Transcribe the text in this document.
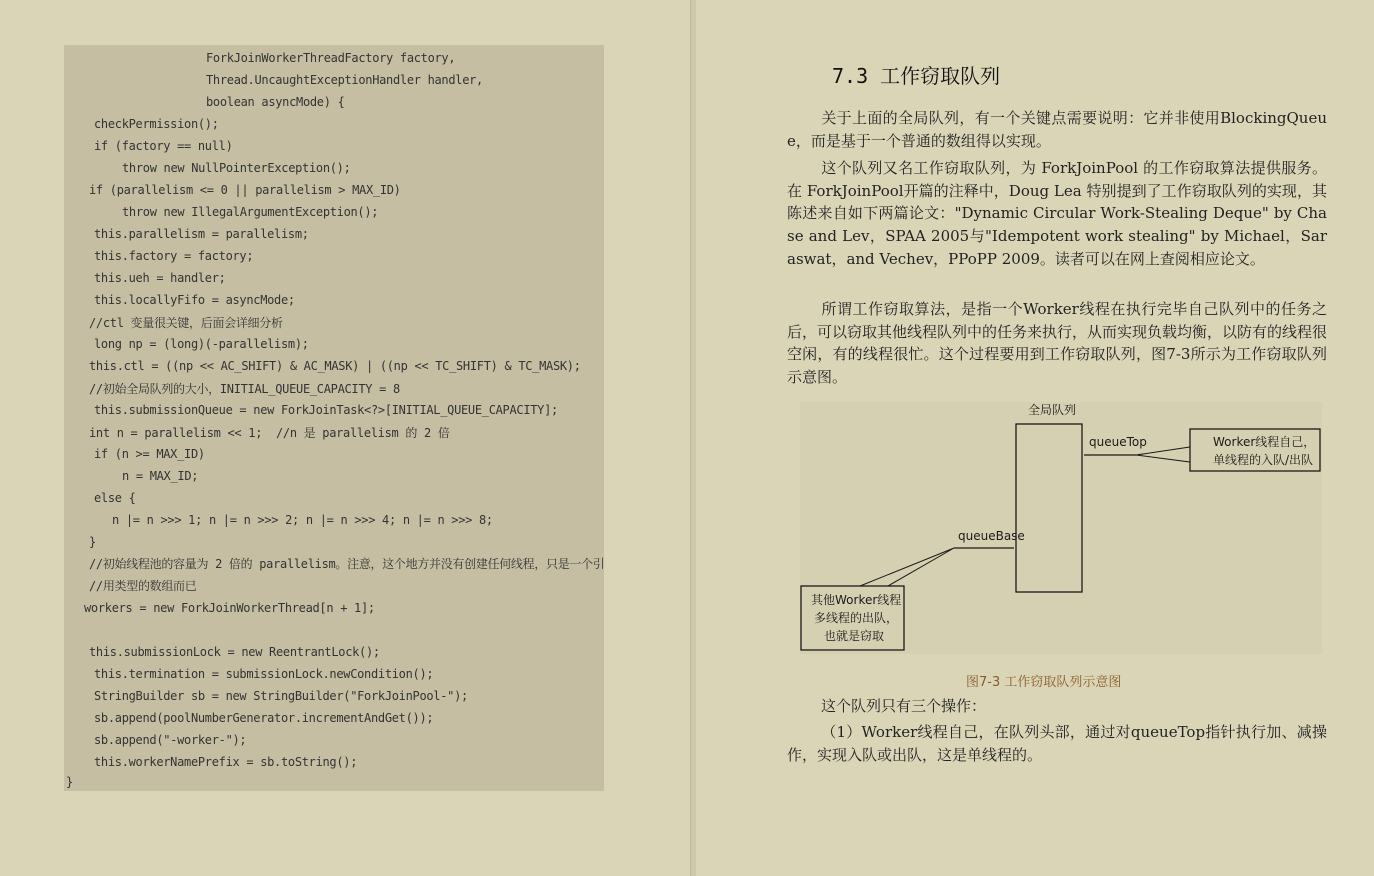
ForkJoinWorkerThreadFactory factory,
Thread.UncaughtExceptionHandler handler,
boolean asyncMode) {
checkPermission();
if (factory == null)
throw new NullPointerException();
if (parallelism <= 0 || parallelism > MAX_ID)
throw new IllegalArgumentException();
this.parallelism = parallelism;
this.factory = factory;
this.ueh = handler;
this.locallyFifo = asyncMode;
//ctl 变量很关键，后面会详细分析
long np = (long)(-parallelism);
this.ctl = ((np << AC_SHIFT) & AC_MASK) | ((np << TC_SHIFT) & TC_MASK);
//初始全局队列的大小，INITIAL_QUEUE_CAPACITY = 8
this.submissionQueue = new ForkJoinTask<?>[INITIAL_QUEUE_CAPACITY];
int n = parallelism << 1;  //n 是 parallelism 的 2 倍
if (n >= MAX_ID)
n = MAX_ID;
else {
n |= n >>> 1; n |= n >>> 2; n |= n >>> 4; n |= n >>> 8;
}
//初始线程池的容量为 2 倍的 parallelism。注意，这个地方并没有创建任何线程，只是一个引
//用类型的数组而已
workers = new ForkJoinWorkerThread[n + 1];
this.submissionLock = new ReentrantLock();
this.termination = submissionLock.newCondition();
StringBuilder sb = new StringBuilder("ForkJoinPool-");
sb.append(poolNumberGenerator.incrementAndGet());
sb.append("-worker-");
this.workerNamePrefix = sb.toString();
}
7.3 工作窃取队列
关于上面的全局队列，有一个关键点需要说明：它并非使用BlockingQueue，而是基于一个普通的数组得以实现。
这个队列又名工作窃取队列，为 ForkJoinPool 的工作窃取算法提供服务。在 ForkJoinPool开篇的注释中，Doug Lea 特别提到了工作窃取队列的实现，其陈述来自如下两篇论文："Dynamic Circular Work-Stealing Deque" by Chase and Lev，SPAA 2005与"Idempotent work stealing" by Michael，Saraswat，and Vechev，PPoPP 2009。读者可以在网上查阅相应论文。
所谓工作窃取算法，是指一个Worker线程在执行完毕自己队列中的任务之后，可以窃取其他线程队列中的任务来执行，从而实现负载均衡，以防有的线程很空闲，有的线程很忙。这个过程要用到工作窃取队列，图7-3所示为工作窃取队列示意图。
这个队列只有三个操作：
（1）Worker线程自己，在队列头部，通过对queueTop指针执行加、减操作，实现入队或出队，这是单线程的。
全局队列
queueTop	Worker线程自己，
单线程的入队/出队
queueBase
其他Worker线程
多线程的出队，
也就是窃取
图7-3 工作窃取队列示意图
